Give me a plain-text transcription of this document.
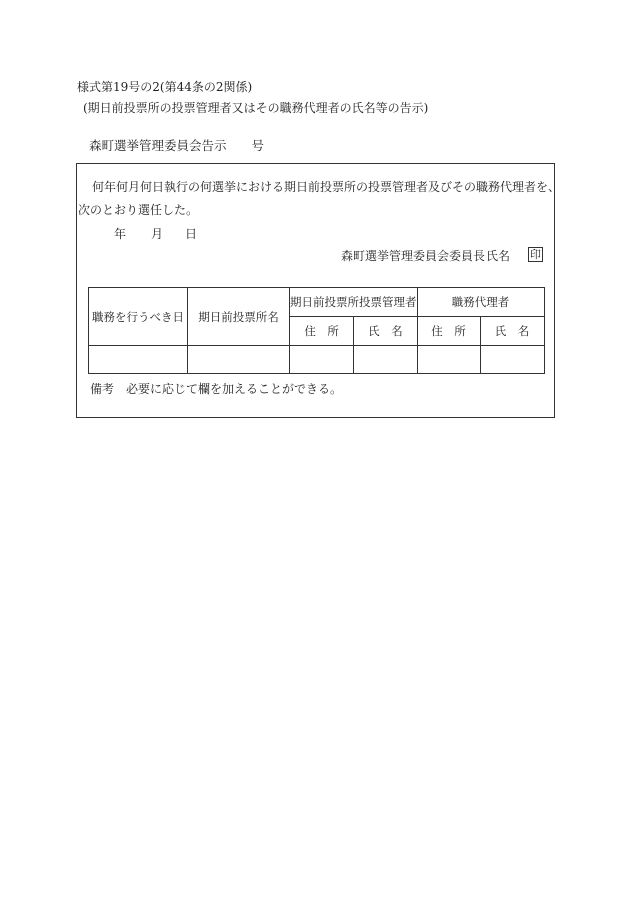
様式第19号の2(第44条の2関係)
(期日前投票所の投票管理者又はその職務代理者の氏名等の告示)
森町選挙管理委員会告示　　号
何年何月何日執行の何選挙における期日前投票所の投票管理者及びその職務代理者を、
次のとおり選任した。
年 月 日
森町選挙管理委員会委員長 氏名 印
職務を行うべき日	期日前投票所名	期日前投票所投票管理者		職務代理者	
		住　所	氏　名	住　所	氏　名

備考　必要に応じて欄を加えることができる。
